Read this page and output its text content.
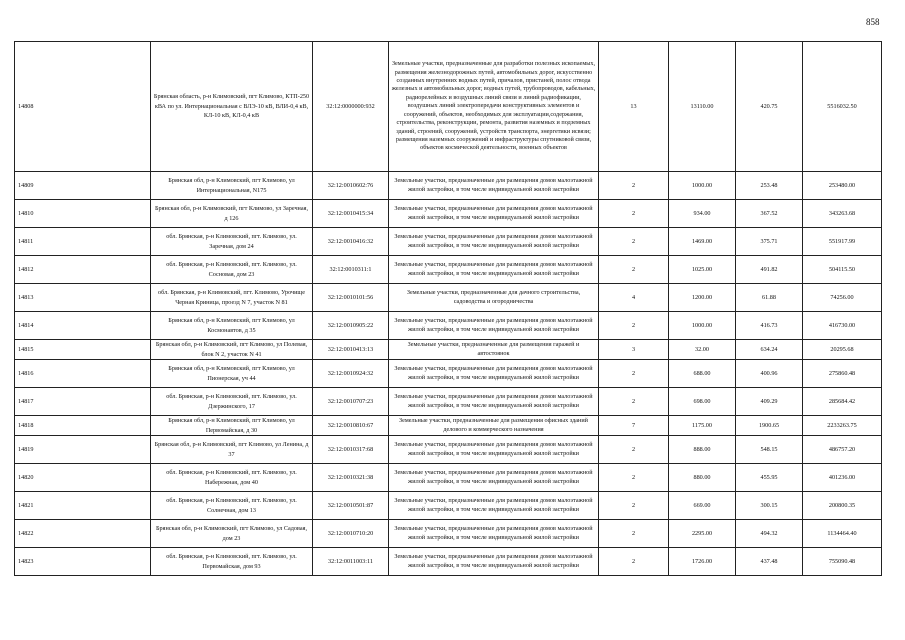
858
14808	Брянская область, р-н Климовский, пгт Климово, КТП-250 кВА по ул. Интернациональная с ВЛЭ-10 кВ, ВЛИ-0,4 кВ, КЛ-10 кВ, КЛ-0,4 кВ	32:12:0000000:932	Земельные участки, предназначенные для разработки полезных ископаемых, размещения железнодорожных путей, автомобильных дорог, искусственно созданных внутренних водных путей, причалов, пристаней, полос отвода железных и автомобильных дорог, водных путей, трубопроводов, кабельных, радиорелейных и воздушных линий связи и линий радиофикации, воздушных линий электропередачи конструктивных элементов и сооружений, объектов, необходимых для эксплуатации,содержания, строительства, реконструкции, ремонта, развития наземных и подземных зданий, строений, сооружений, устройств транспорта, энергетики исвязи; размещения наземных сооружений и инфраструктуры спутниковой связи, объектов космической деятельности, военных объектов	13	13110.00	420.75	5516032.50
14809	Брянская обл, р-н Климовский, пгт Климово, ул Интернациональная, N175	32:12:0010602:76	Земельные участки, предназначенные для размещения домов малоэтажной жилой застройки, в том числе индивидуальной жилой застройки	2	1000.00	253.48	253480.00
14810	Брянская обл, р-н Климовский, пгт Климово, ул Заречная, д 126	32:12:0010415:34	Земельные участки, предназначенные для размещения домов малоэтажной жилой застройки, в том числе индивидуальной жилой застройки	2	934.00	367.52	343263.68
14811	обл. Брянская, р-н Климовский, пгт. Климово, ул. Заречная, дом 24	32:12:0010416:32	Земельные участки, предназначенные для размещения домов малоэтажной жилой застройки, в том числе индивидуальной жилой застройки	2	1469.00	375.71	551917.99
14812	обл. Брянская, р-н Климовский, пгт. Климово, ул. Сосновая, дом 23	32:12:0010311:1	Земельные участки, предназначенные для размещения домов малоэтажной жилой застройки, в том числе индивидуальной жилой застройки	2	1025.00	491.82	504115.50
14813	обл. Брянская, р-н Климовский, пгт. Климово, Урочище Черная Криница, проезд N 7, участок N 81	32:12:0010101:56	Земельные участки, предназначенные для дачного строительства, садоводства и огородничества	4	1200.00	61.88	74256.00
14814	Брянская обл, р-н Климовский, пгт Климово, ул Космонавтов, д 35	32:12:0010905:22	Земельные участки, предназначенные для размещения домов малоэтажной жилой застройки, в том числе индивидуальной жилой застройки	2	1000.00	416.73	416730.00
14815	Брянская обл, р-н Климовский, пгт Климово, ул Полевая, блок N 2, участок N 41	32:12:0010413:13	Земельные участки, предназначенные для размещения гаражей и автостоянок	3	32.00	634.24	20295.68
14816	Брянская обл, р-н Климовский, пгт Климово, ул Пионерская, уч 44	32:12:0010924:32	Земельные участки, предназначенные для размещения домов малоэтажной жилой застройки, в том числе индивидуальной жилой застройки	2	688.00	400.96	275860.48
14817	обл. Брянская, р-н Климовский, пгт. Климово, ул. Дзержинского, 17	32:12:0010707:23	Земельные участки, предназначенные для размещения домов малоэтажной жилой застройки, в том числе индивидуальной жилой застройки	2	698.00	409.29	285684.42
14818	Брянская обл, р-н Климовский, пгт Климово, ул Первомайская, д 30	32:12:0010810:67	Земельные участки, предназначенные для размещения офисных зданий делового и коммерческого назначения	7	1175.00	1900.65	2233263.75
14819	Брянская обл, р-н Климовский, пгт Климово, ул Ленина, д 37	32:12:0010317:68	Земельные участки, предназначенные для размещения домов малоэтажной жилой застройки, в том числе индивидуальной жилой застройки	2	888.00	548.15	486757.20
14820	обл. Брянская, р-н Климовский, пгт. Климово, ул. Набережная, дом 40	32:12:0010321:38	Земельные участки, предназначенные для размещения домов малоэтажной жилой застройки, в том числе индивидуальной жилой застройки	2	880.00	455.95	401236.00
14821	обл. Брянская, р-н Климовский, пгт. Климово, ул. Солнечная, дом 13	32:12:0010501:87	Земельные участки, предназначенные для размещения домов малоэтажной жилой застройки, в том числе индивидуальной жилой застройки	2	669.00	300.15	200800.35
14822	Брянская обл, р-н Климовский, пгт Климово, ул Садовая, дом 23	32:12:0010710:20	Земельные участки, предназначенные для размещения домов малоэтажной жилой застройки, в том числе индивидуальной жилой застройки	2	2295.00	494.32	1134464.40
14823	обл. Брянская, р-н Климовский, пгт. Климово, ул. Первомайская, дом 93	32:12:0011003:11	Земельные участки, предназначенные для размещения домов малоэтажной жилой застройки, в том числе индивидуальной жилой застройки	2	1726.00	437.48	755090.48
